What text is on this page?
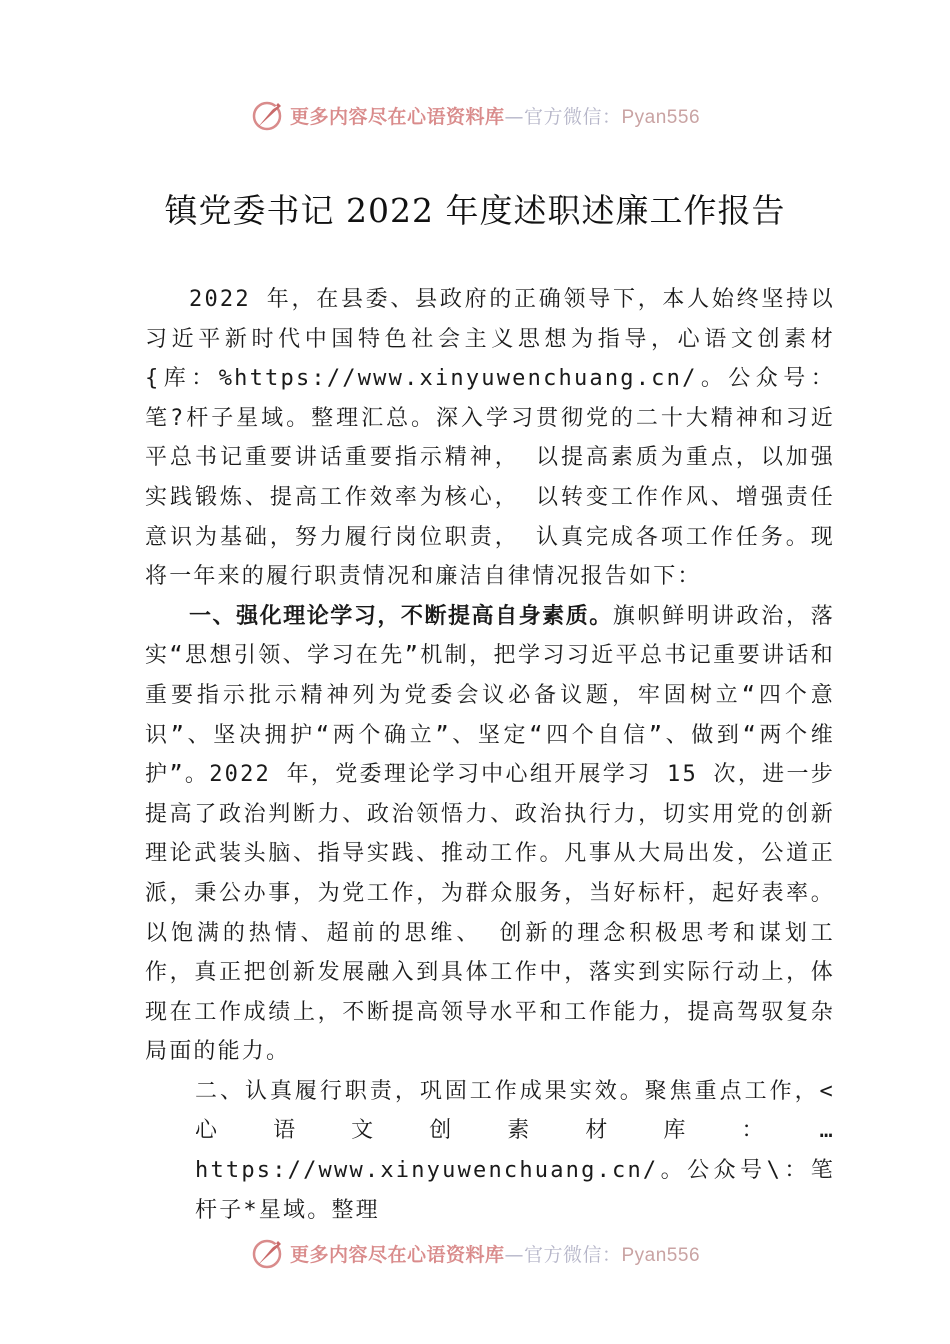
更多内容尽在心语资料库 —官方微信：Pyan556
镇党委书记 2022 年度述职述廉工作报告

2022 年，在县委、县政府的正确领导下，本人始终坚持以习近平新时代中国特色社会主义思想为指导，心语文创素材{库：%https://www.xinyuwenchuang.cn/。公众号：笔?杆子星域。整理汇总。深入学习贯彻党的二十大精神和习近平总书记重要讲话重要指示精神， 以提高素质为重点，以加强实践锻炼、提高工作效率为核心， 以转变工作作风、增强责任意识为基础，努力履行岗位职责， 认真完成各项工作任务。现将一年来的履行职责情况和廉洁自律情况报告如下：

一、强化理论学习，不断提高自身素质。旗帜鲜明讲政治，落实“思想引领、学习在先”机制，把学习习近平总书记重要讲话和重要指示批示精神列为党委会议必备议题，牢固树立“四个意识”、坚决拥护“两个确立”、坚定“四个自信”、做到“两个维护”。2022 年，党委理论学习中心组开展学习 15 次，进一步提高了政治判断力、政治领悟力、政治执行力，切实用党的创新理论武装头脑、指导实践、推动工作。凡事从大局出发，公道正派，秉公办事，为党工作，为群众服务，当好标杆，起好表率。以饱满的热情、超前的思维、 创新的理念积极思考和谋划工作，真正把创新发展融入到具体工作中，落实到实际行动上，体现在工作成绩上，不断提高领导水平和工作能力，提高驾驭复杂局面的能力。

二、认真履行职责，巩固工作成果实效。聚焦重点工作，<心语文创素材库：…https://www.xinyuwenchuang.cn/。公众号\：笔杆子*星域。整理

更多内容尽在心语资料库 —官方微信：Pyan556
